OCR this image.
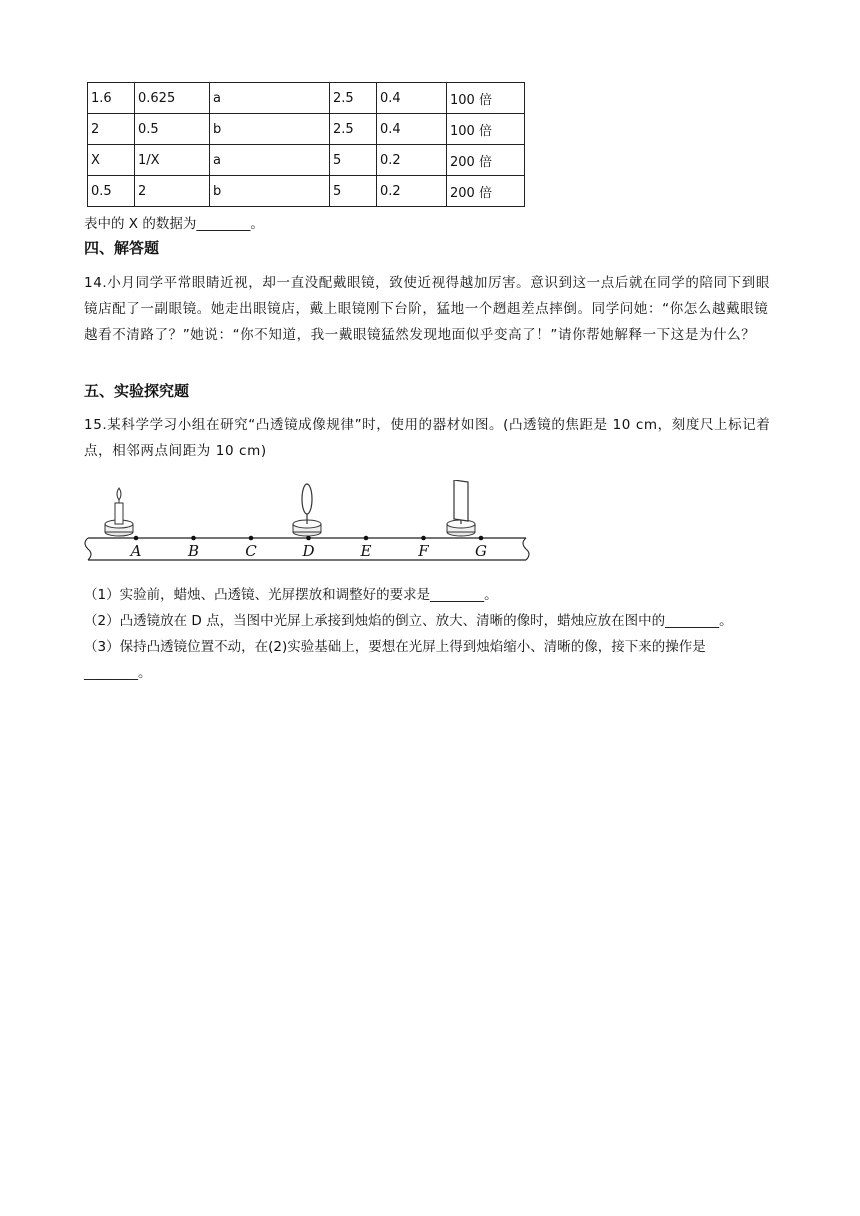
1.6	0.625	a	2.5	0.4	100 倍
2	0.5	b	2.5	0.4	100 倍
X	1/X	a	5	0.2	200 倍
0.5	2	b	5	0.2	200 倍
表中的 X 的数据为________。
四、解答题
14.小月同学平常眼睛近视，却一直没配戴眼镜，致使近视得越加厉害。意识到这一点后就在同学的陪同下到眼镜店配了一副眼镜。她走出眼镜店，戴上眼镜刚下台阶，猛地一个趔趄差点摔倒。同学问她：“你怎么越戴眼镜越看不清路了？”她说：“你不知道，我一戴眼镜猛然发现地面似乎变高了！”请你帮她解释一下这是为什么？
五、实验探究题
15.某科学学习小组在研究“凸透镜成像规律”时，使用的器材如图。(凸透镜的焦距是 10 cm，刻度尺上标记着点，相邻两点间距为 10 cm)
A	B	C	D	E	F	G
（1）实验前，蜡烛、凸透镜、光屏摆放和调整好的要求是________。
（2）凸透镜放在 D 点，当图中光屏上承接到烛焰的倒立、放大、清晰的像时，蜡烛应放在图中的________。
（3）保持凸透镜位置不动，在(2)实验基础上，要想在光屏上得到烛焰缩小、清晰的像，接下来的操作是
________。
